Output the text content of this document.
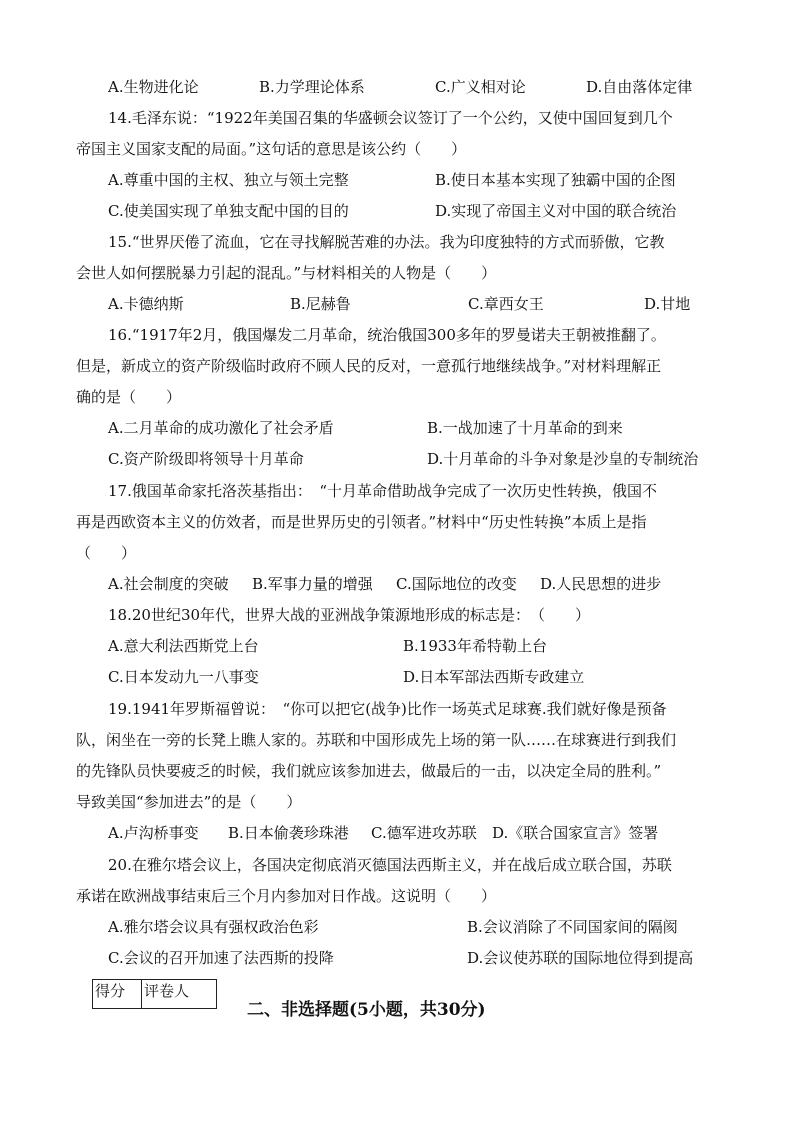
A.生物进化论	B.力学理论体系	C.广义相对论	D.自由落体定律
14.毛泽东说：“1922年美国召集的华盛顿会议签订了一个公约，又使中国回复到几个
帝国主义国家支配的局面。”这句话的意思是该公约（　　）
A.尊重中国的主权、独立与领土完整	B.使日本基本实现了独霸中国的企图
C.使美国实现了单独支配中国的目的	D.实现了帝国主义对中国的联合统治
15.“世界厌倦了流血，它在寻找解脱苦难的办法。我为印度独特的方式而骄傲，它教
会世人如何摆脱暴力引起的混乱。”与材料相关的人物是（　　）
A.卡德纳斯	B.尼赫鲁	C.章西女王	D.甘地
16.“1917年2月，俄国爆发二月革命，统治俄国300多年的罗曼诺夫王朝被推翻了。
但是，新成立的资产阶级临时政府不顾人民的反对，一意孤行地继续战争。”对材料理解正
确的是（　　）
A.二月革命的成功激化了社会矛盾	B.一战加速了十月革命的到来
C.资产阶级即将领导十月革命	D.十月革命的斗争对象是沙皇的专制统治
17.俄国革命家托洛茨基指出：　“十月革命借助战争完成了一次历史性转换，俄国不
再是西欧资本主义的仿效者，而是世界历史的引领者。”材料中“历史性转换”本质上是指
（　　）
A.社会制度的突破 B.军事力量的增强 C.国际地位的改变 D.人民思想的进步
18.20世纪30年代，世界大战的亚洲战争策源地形成的标志是：　（　　）
A.意大利法西斯党上台	B.1933年希特勒上台
C.日本发动九一八事变	D.日本军部法西斯专政建立
19.1941年罗斯福曾说：　“你可以把它(战争)比作一场英式足球赛.我们就好像是预备
队，闲坐在一旁的长凳上瞧人家的。苏联和中国形成先上场的第一队……在球赛进行到我们
的先锋队员快要疲乏的时候，我们就应该参加进去，做最后的一击，以决定全局的胜利。”
导致美国“参加进去”的是（　　）
A.卢沟桥事变 B.日本偷袭珍珠港 C.德军进攻苏联 D.《联合国家宣言》签署
20.在雅尔塔会议上，各国决定彻底消灭德国法西斯主义，并在战后成立联合国，苏联
承诺在欧洲战事结束后三个月内参加对日作战。这说明（　　）
A.雅尔塔会议具有强权政治色彩	B.会议消除了不同国家间的隔阂
C.会议的召开加速了法西斯的投降	D.会议使苏联的国际地位得到提高
得分	评卷人
二、非选择题(5小题，共30分)
